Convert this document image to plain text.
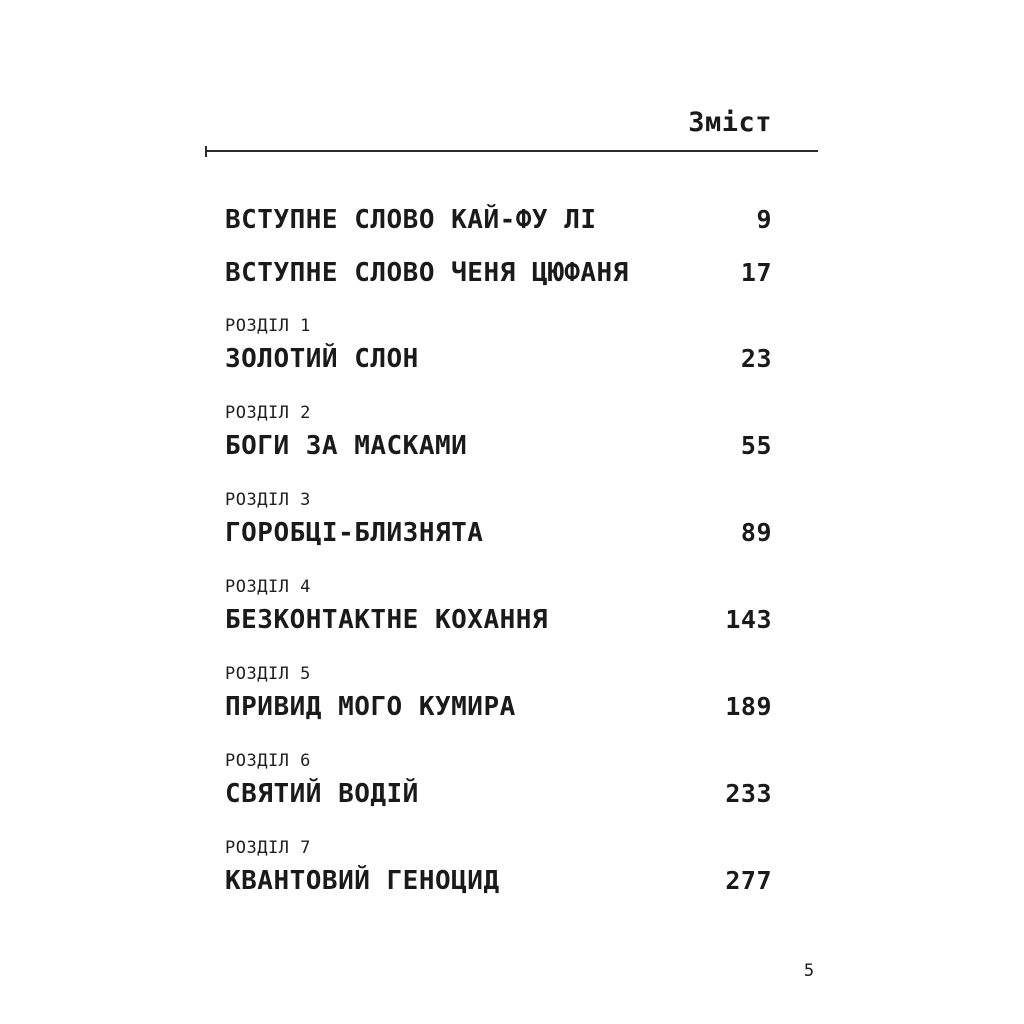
Зміст
ВСТУПНЕ СЛОВО КАЙ-ФУ ЛІ	9
ВСТУПНЕ СЛОВО ЧЕНЯ ЦЮФАНЯ	17
РОЗДІЛ 1
ЗОЛОТИЙ СЛОН	23
РОЗДІЛ 2
БОГИ ЗА МАСКАМИ	55
РОЗДІЛ 3
ГОРОБЦІ-БЛИЗНЯТА	89
РОЗДІЛ 4
БЕЗКОНТАКТНЕ КОХАННЯ	143
РОЗДІЛ 5
ПРИВИД МОГО КУМИРА	189
РОЗДІЛ 6
СВЯТИЙ ВОДІЙ	233
РОЗДІЛ 7
КВАНТОВИЙ ГЕНОЦИД	277
5
